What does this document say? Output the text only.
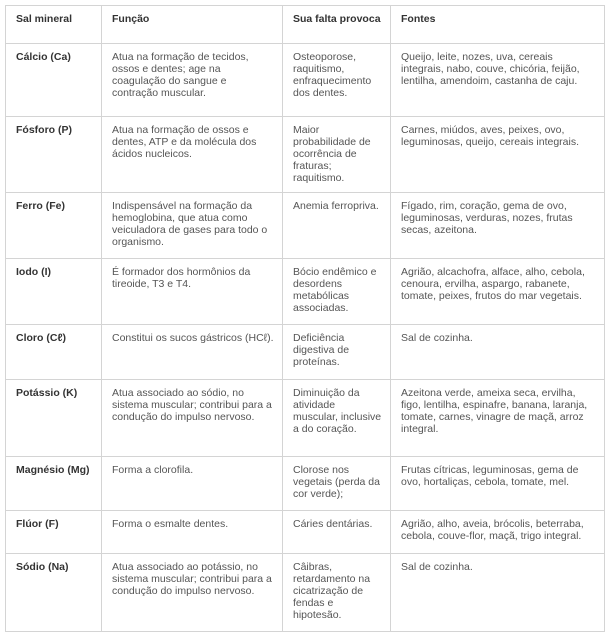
Sal mineral	Função	Sua falta provoca	Fontes
Cálcio (Ca)	Atua na formação de tecidos, ossos e dentes; age na coagulação do sangue e contração muscular.	Osteoporose, raquitismo, enfraquecimento dos dentes.	Queijo, leite, nozes, uva, cereais integrais, nabo, couve, chicória, feijão, lentilha, amendoim, castanha de caju.
Fósforo (P)	Atua na formação de ossos e dentes, ATP e da molécula dos ácidos nucleicos.	Maior probabilidade de ocorrência de fraturas; raquitismo.	Carnes, miúdos, aves, peixes, ovo, leguminosas, queijo, cereais integrais.
Ferro (Fe)	Indispensável na formação da hemoglobina, que atua como veiculadora de gases para todo o organismo.	Anemia ferropriva.	Fígado, rim, coração, gema de ovo, leguminosas, verduras, nozes, frutas secas, azeitona.
Iodo (I)	É formador dos hormônios da tireoide, T3 e T4.	Bócio endêmico e desordens metabólicas associadas.	Agrião, alcachofra, alface, alho, cebola, cenoura, ervilha, aspargo, rabanete, tomate, peixes, frutos do mar vegetais.
Cloro (Cℓ)	Constitui os sucos gástricos (HCℓ).	Deficiência digestiva de proteínas.	Sal de cozinha.
Potássio (K)	Atua associado ao sódio, no sistema muscular; contribui para a condução do impulso nervoso.	Diminuição da atividade muscular, inclusive a do coração.	Azeitona verde, ameixa seca, ervilha, figo, lentilha, espinafre, banana, laranja, tomate, carnes, vinagre de maçã, arroz integral.
Magnésio (Mg)	Forma a clorofila.	Clorose nos vegetais (perda da cor verde);	Frutas cítricas, leguminosas, gema de ovo, hortaliças, cebola, tomate, mel.
Flúor (F)	Forma o esmalte dentes.	Cáries dentárias.	Agrião, alho, aveia, brócolis, beterraba, cebola, couve-flor, maçã, trigo integral.
Sódio (Na)	Atua associado ao potássio, no sistema muscular; contribui para a condução do impulso nervoso.	Câibras, retardamento na cicatrização de fendas e hipotesão.	Sal de cozinha.
